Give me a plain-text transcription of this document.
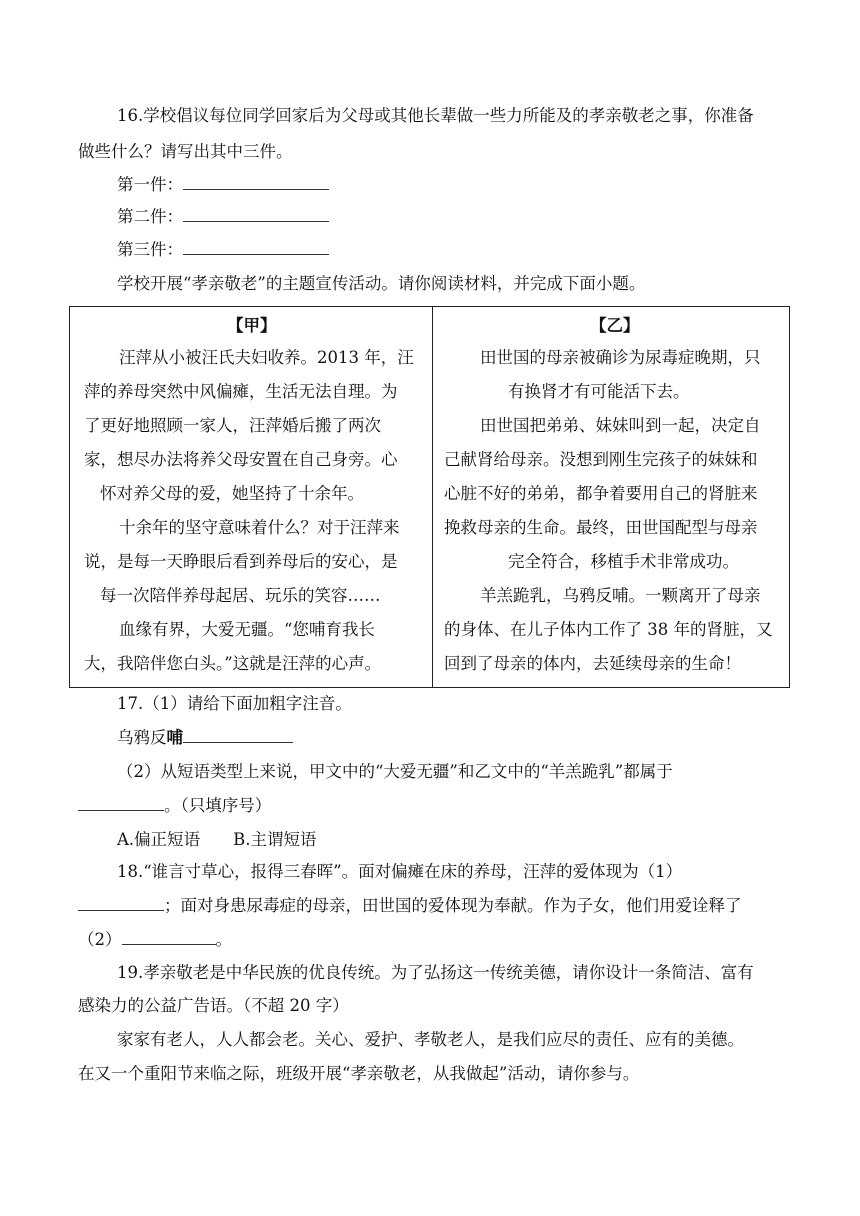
16.学校倡议每位同学回家后为父母或其他长辈做一些力所能及的孝亲敬老之事，你准备
做些什么？请写出其中三件。
第一件：
第二件：
第三件：
学校开展“孝亲敬老”的主题宣传活动。请你阅读材料，并完成下面小题。
【甲】
汪萍从小被汪氏夫妇收养。2013 年，汪
萍的养母突然中风偏瘫，生活无法自理。为
了更好地照顾一家人，汪萍婚后搬了两次
家，想尽办法将养父母安置在自己身旁。心
怀对养父母的爱，她坚持了十余年。
十余年的坚守意味着什么？对于汪萍来
说，是每一天睁眼后看到养母后的安心，是
每一次陪伴养母起居、玩乐的笑容……
血缘有界，大爱无疆。“您哺育我长
大，我陪伴您白头。”这就是汪萍的心声。
【乙】
田世国的母亲被确诊为尿毒症晚期，只
有换肾才有可能活下去。
田世国把弟弟、妹妹叫到一起，决定自
己献肾给母亲。没想到刚生完孩子的妹妹和
心脏不好的弟弟，都争着要用自己的肾脏来
挽救母亲的生命。最终，田世国配型与母亲
完全符合，移植手术非常成功。
羊羔跪乳，乌鸦反哺。一颗离开了母亲
的身体、在儿子体内工作了 38 年的肾脏，又
回到了母亲的体内，去延续母亲的生命！
17.（1）请给下面加粗字注音。
乌鸦反哺
（2）从短语类型上来说，甲文中的“大爱无疆”和乙文中的“羊羔跪乳”都属于
。（只填序号）
A.偏正短语　　B.主谓短语
18.“谁言寸草心，报得三春晖”。面对偏瘫在床的养母，汪萍的爱体现为（1）
；面对身患尿毒症的母亲，田世国的爱体现为奉献。作为子女，他们用爱诠释了
（2）	。
19.孝亲敬老是中华民族的优良传统。为了弘扬这一传统美德，请你设计一条简洁、富有
感染力的公益广告语。（不超 20 字）
家家有老人，人人都会老。关心、爱护、孝敬老人，是我们应尽的责任、应有的美德。
在又一个重阳节来临之际，班级开展“孝亲敬老，从我做起”活动，请你参与。
